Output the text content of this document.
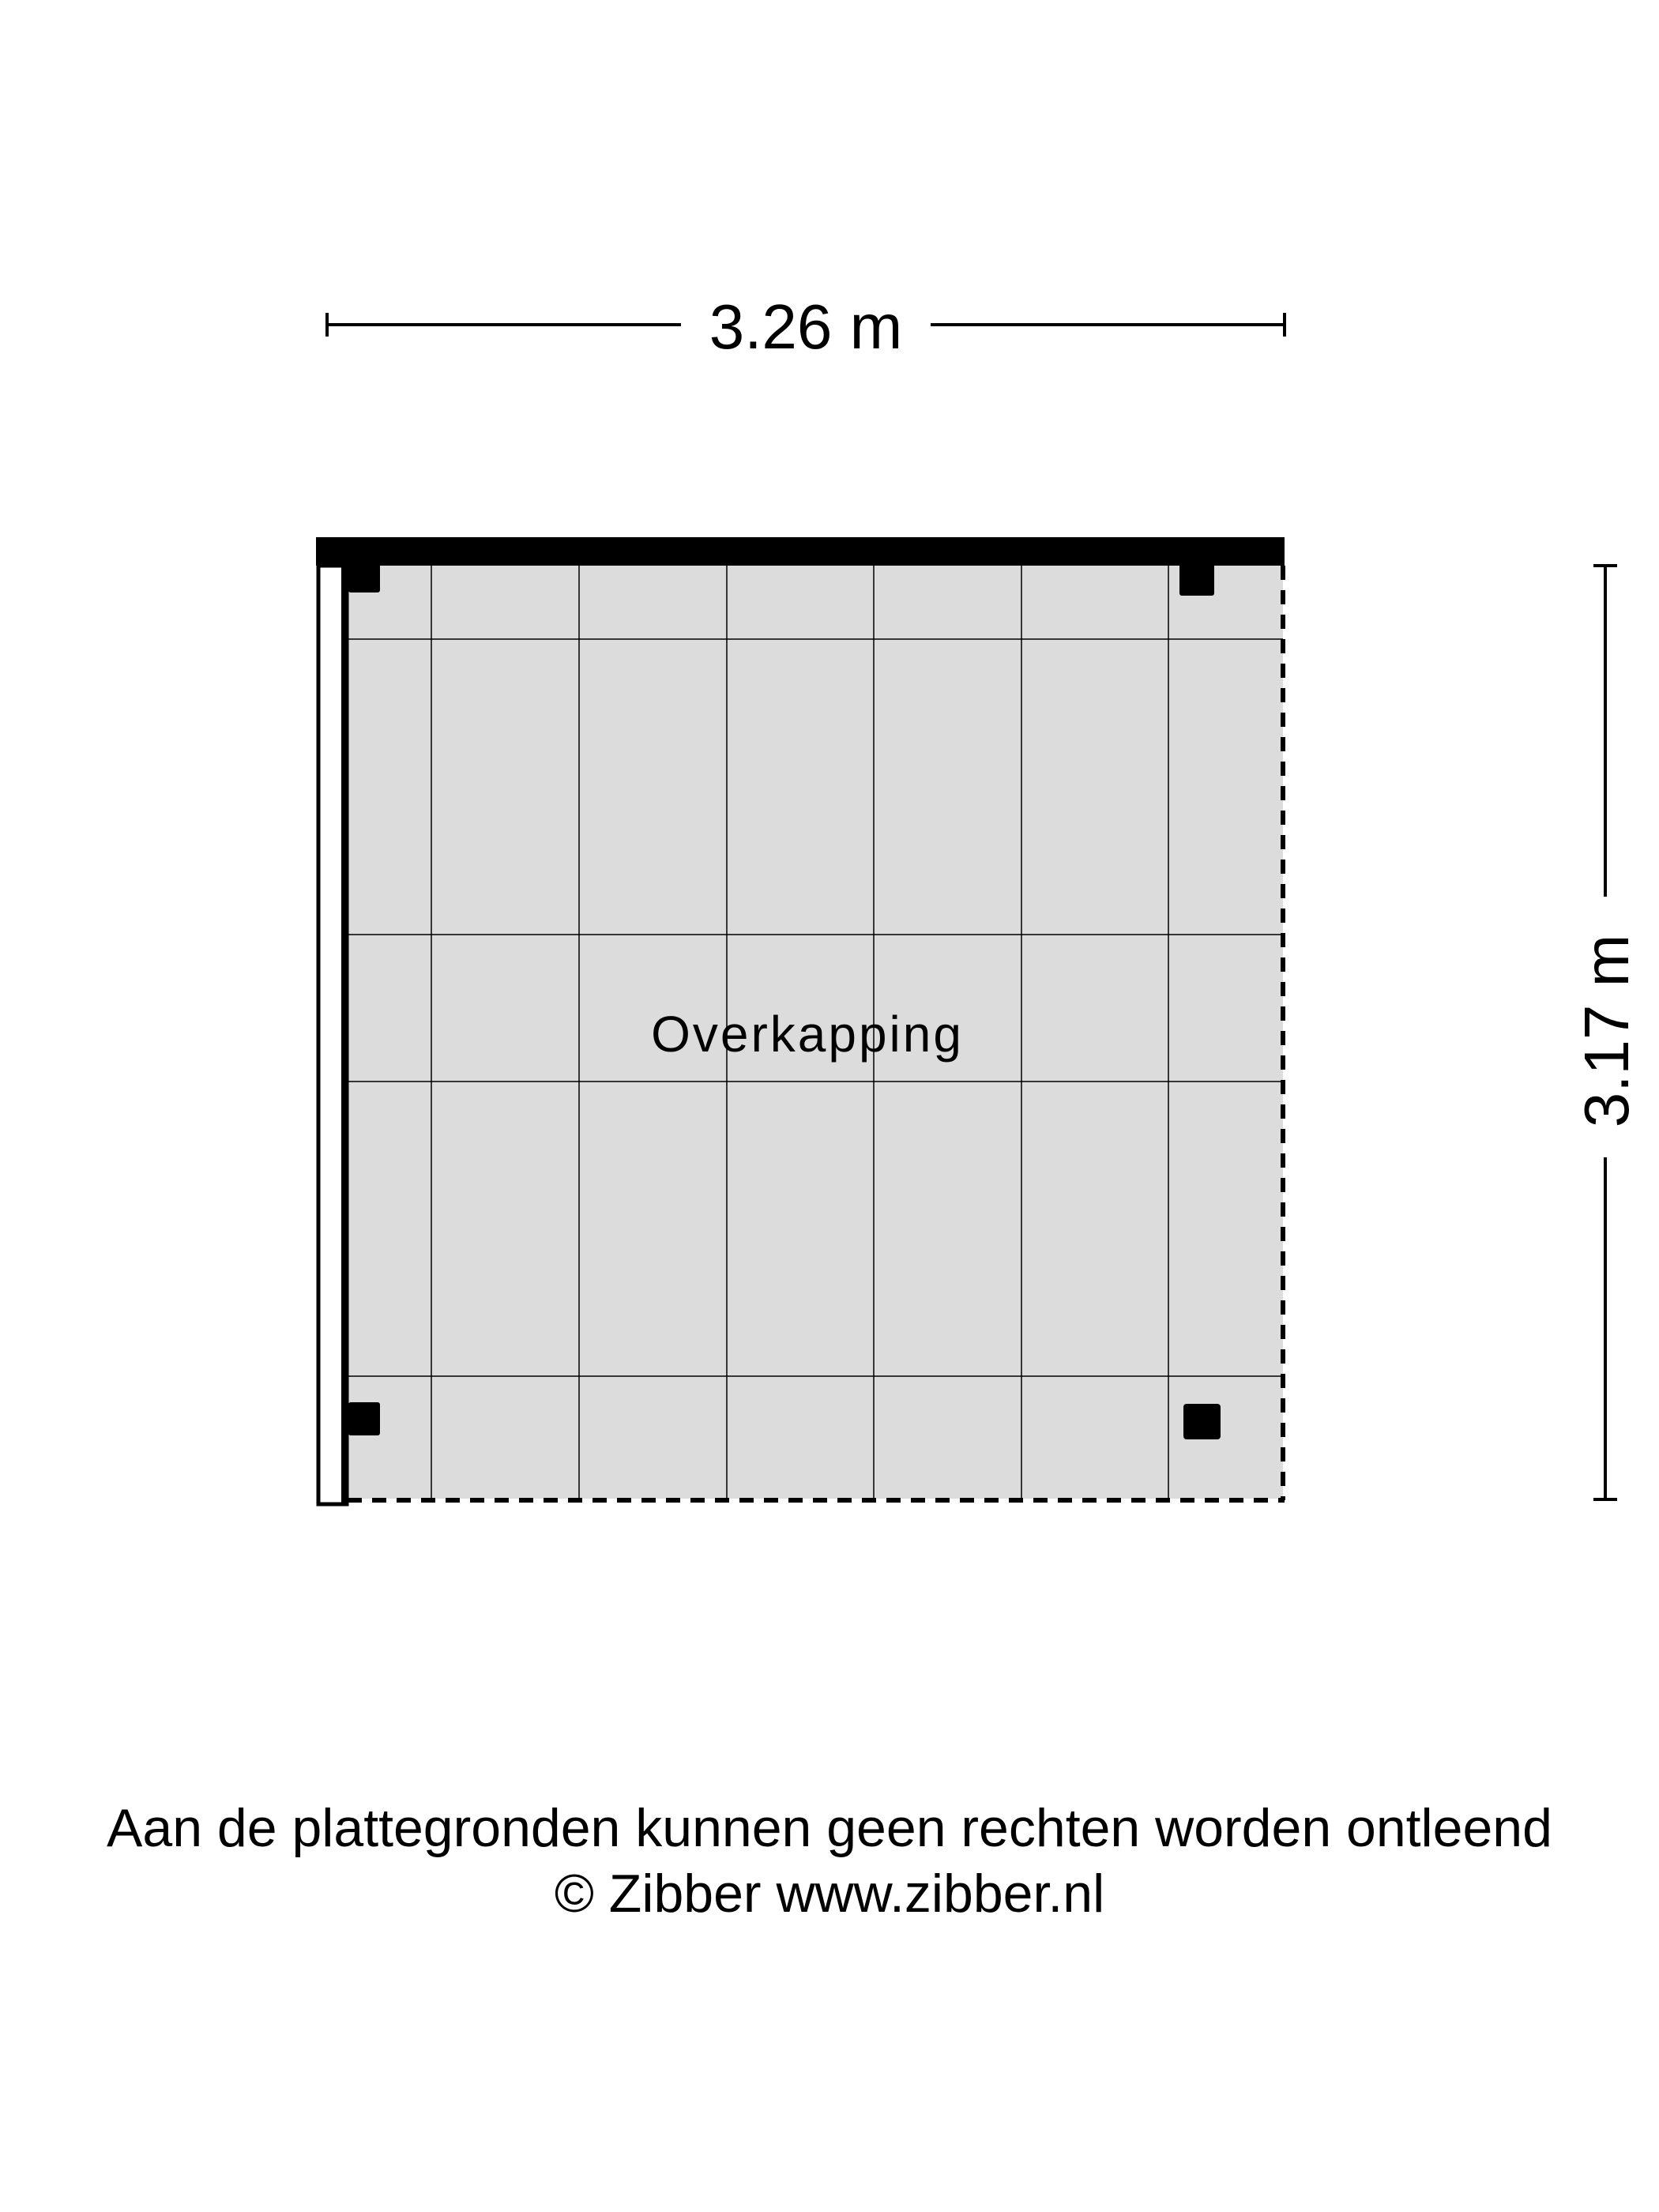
3.26 m
3.17 m
Overkapping
Aan de plattegronden kunnen geen rechten worden ontleend
© Zibber www.zibber.nl
